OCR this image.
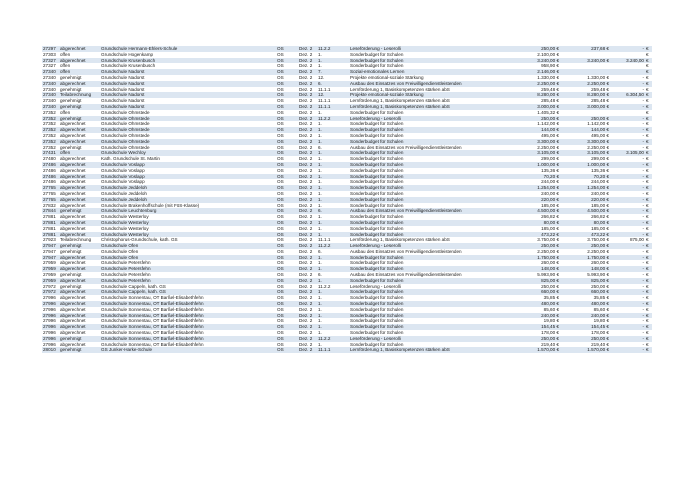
27297	abgerechnet	Grundschule Hermann-Ehlers-Schule	OS	Dez. 2	11.2.2	Leseförderung - Leserolli	250,00 €	237,68 €	-	€
27303	offen	Grundschule Hogenkamp	OS	Dez. 2	1.	Sonderbudget für Schulen	2.100,00 €			€
27327	abgerechnet	Grundschule Krusenbusch	OS	Dez. 2	1.	Sonderbudget für Schulen	3.240,00 €	3.240,00 €	3.240,00	€
27327	offen	Grundschule Krusenbusch	OS	Dez. 2	1.	Sonderbudget für Schulen	958,90 €			€
27340	offen	Grundschule Nadorst	OS	Dez. 2	7.	Sozial-emotionales Lernen	2.146,00 €			€
27340	genehmigt	Grundschule Nadorst	OS	Dez. 2	12.	Projekte emotional-soziale Stärkung	1.330,00 €	1.330,00 €	-	€
27340	abgerechnet	Grundschule Nadorst	OS	Dez. 2	6.	Ausbau des Einsatzes von Freiwilligendienstleistenden	2.250,00 €	2.250,00 €	-	€
27340	genehmigt	Grundschule Nadorst	OS	Dez. 2	11.1.1	Lernförderung 1, Basiskompetenzen stärken abS	259,48 €	259,48 €	-	€
27340	Teilabrechnung	Grundschule Nadorst	OS	Dez. 2	12.	Projekte emotional-soziale Stärkung	8.280,00 €	8.280,00 €	6.304,50	€
27340	genehmigt	Grundschule Nadorst	OS	Dez. 2	11.1.1	Lernförderung 1, Basiskompetenzen stärken abS	285,48 €	285,48 €	-	€
27340	genehmigt	Grundschule Nadorst	OS	Dez. 2	11.1.1	Lernförderung 1, Basiskompetenzen stärken abS	3.000,00 €	3.000,00 €	-	€
27352	offen	Grundschule Ohmstede	OS	Dez. 2	1.	Sonderbudget für Schulen	1.405,32 €			€
27352	genehmigt	Grundschule Ohmstede	OS	Dez. 2	11.2.2	Leseförderung - Leserolli	250,00 €	250,00 €	-	€
27352	abgerechnet	Grundschule Ohmstede	OS	Dez. 2	1.	Sonderbudget für Schulen	1.142,00 €	1.142,00 €	-	€
27352	abgerechnet	Grundschule Ohmstede	OS	Dez. 2	1.	Sonderbudget für Schulen	144,00 €	144,00 €	-	€
27352	abgerechnet	Grundschule Ohmstede	OS	Dez. 2	1.	Sonderbudget für Schulen	495,00 €	495,00 €	-	€
27352	abgerechnet	Grundschule Ohmstede	OS	Dez. 2	1.	Sonderbudget für Schulen	3.300,00 €	3.300,00 €	-	€
27352	genehmigt	Grundschule Ohmstede	OS	Dez. 2	6.	Ausbau des Einsatzes von Freiwilligendienstleistenden	2.250,00 €	2.250,00 €	-	€
27431	offen	Grundschule Wechloy	OS	Dez. 2	1.	Sonderbudget für Schulen	3.105,00 €	3.105,00 €	3.105,00	€
27480	abgerechnet	Kath. Grundschule St. Martin	OS	Dez. 2	1.	Sonderbudget für Schulen	299,00 €	299,00 €	-	€
27486	abgerechnet	Grundschule Voslapp	OS	Dez. 2	1.	Sonderbudget für Schulen	1.000,00 €	1.000,00 €	-	€
27486	abgerechnet	Grundschule Voslapp	OS	Dez. 2	1.	Sonderbudget für Schulen	135,36 €	135,36 €	-	€
27486	abgerechnet	Grundschule Voslapp	OS	Dez. 2	1.	Sonderbudget für Schulen	70,20 €	70,20 €	-	€
27486	abgerechnet	Grundschule Voslapp	OS	Dez. 2	1.	Sonderbudget für Schulen	244,00 €	244,00 €	-	€
27765	abgerechnet	Grundschule Jeddeloh	OS	Dez. 2	1.	Sonderbudget für Schulen	1.254,00 €	1.254,00 €	-	€
27765	abgerechnet	Grundschule Jeddeloh	OS	Dez. 2	1.	Sonderbudget für Schulen	240,00 €	240,00 €	-	€
27765	abgerechnet	Grundschule Jeddeloh	OS	Dez. 2	1.	Sonderbudget für Schulen	220,00 €	220,00 €	-	€
27832	abgerechnet	Grundschule Brakenhoffschule (mit FöS-Klasse)	OS	Dez. 2	1.	Sonderbudget für Schulen	185,00 €	185,00 €	-	€
27844	genehmigt	Grundschule Leuchtenburg	OS	Dez. 2	6.	Ausbau des Einsatzes von Freiwilligendienstleistenden	4.500,00 €	4.500,00 €	-	€
27881	abgerechnet	Grundschule Westerloy	OS	Dez. 2	1.	Sonderbudget für Schulen	266,82 €	266,82 €	-	€
27881	abgerechnet	Grundschule Westerloy	OS	Dez. 2	1.	Sonderbudget für Schulen	80,00 €	80,00 €	-	€
27881	abgerechnet	Grundschule Westerloy	OS	Dez. 2	1.	Sonderbudget für Schulen	185,00 €	185,00 €	-	€
27881	abgerechnet	Grundschule Westerloy	OS	Dez. 2	1.	Sonderbudget für Schulen	473,22 €	473,22 €	-	€
27923	Teilabrechnung	Christophorus-Grundschule, kath. GS	OS	Dez. 2	11.1.1	Lernförderung 1, Basiskompetenzen stärken abS	3.750,00 €	3.750,00 €	875,00	€
27947	genehmigt	Grundschule Ofen	OS	Dez. 2	11.2.2	Leseförderung - Leserolli	250,00 €	250,00 €	-	€
27947	genehmigt	Grundschule Ofen	OS	Dez. 2	6.	Ausbau des Einsatzes von Freiwilligendienstleistenden	2.250,00 €	2.250,00 €	-	€
27947	abgerechnet	Grundschule Ofen	OS	Dez. 2	1.	Sonderbudget für Schulen	1.750,00 €	1.750,00 €	-	€
27959	abgerechnet	Grundschule Petersfehn	OS	Dez. 2	1.	Sonderbudget für Schulen	260,00 €	260,00 €	-	€
27959	abgerechnet	Grundschule Petersfehn	OS	Dez. 2	1.	Sonderbudget für Schulen	148,00 €	148,00 €	-	€
27959	genehmigt	Grundschule Petersfehn	OS	Dez. 2	6.	Ausbau des Einsatzes von Freiwilligendienstleistenden	5.993,90 €	5.993,90 €	-	€
27959	abgerechnet	Grundschule Petersfehn	OS	Dez. 2	1.	Sonderbudget für Schulen	825,00 €	825,00 €	-	€
27972	genehmigt	Grundschule Cappeln, kath. GS	OS	Dez. 2	11.2.2	Leseförderung - Leserolli	250,00 €	250,00 €	-	€
27972	abgerechnet	Grundschule Cappeln, kath. GS	OS	Dez. 2	1.	Sonderbudget für Schulen	660,00 €	660,00 €	-	€
27996	abgerechnet	Grundschule Sonnentau, OT Barßel-Elisabethfehn	OS	Dez. 2	1.	Sonderbudget für Schulen	35,85 €	35,85 €	-	€
27996	abgerechnet	Grundschule Sonnentau, OT Barßel-Elisabethfehn	OS	Dez. 2	1.	Sonderbudget für Schulen	480,00 €	480,00 €	-	€
27996	abgerechnet	Grundschule Sonnentau, OT Barßel-Elisabethfehn	OS	Dez. 2	1.	Sonderbudget für Schulen	85,60 €	85,60 €	-	€
27996	abgerechnet	Grundschule Sonnentau, OT Barßel-Elisabethfehn	OS	Dez. 2	1.	Sonderbudget für Schulen	240,00 €	240,00 €	-	€
27996	abgerechnet	Grundschule Sonnentau, OT Barßel-Elisabethfehn	OS	Dez. 2	1.	Sonderbudget für Schulen	19,80 €	19,80 €	-	€
27996	abgerechnet	Grundschule Sonnentau, OT Barßel-Elisabethfehn	OS	Dez. 2	1.	Sonderbudget für Schulen	154,45 €	154,45 €	-	€
27996	abgerechnet	Grundschule Sonnentau, OT Barßel-Elisabethfehn	OS	Dez. 2	1.	Sonderbudget für Schulen	178,00 €	178,00 €	-	€
27996	genehmigt	Grundschule Sonnentau, OT Barßel-Elisabethfehn	OS	Dez. 2	11.2.2	Leseförderung - Leserolli	250,00 €	250,00 €	-	€
27996	abgerechnet	Grundschule Sonnentau, OT Barßel-Elisabethfehn	OS	Dez. 2	1.	Sonderbudget für Schulen	219,40 €	219,40 €	-	€
28010	genehmigt	GS Junker-Harke-Schule	OS	Dez. 2	11.1.1	Lernförderung 1, Basiskompetenzen stärken abS	1.570,00 €	1.570,00 €	-	€
